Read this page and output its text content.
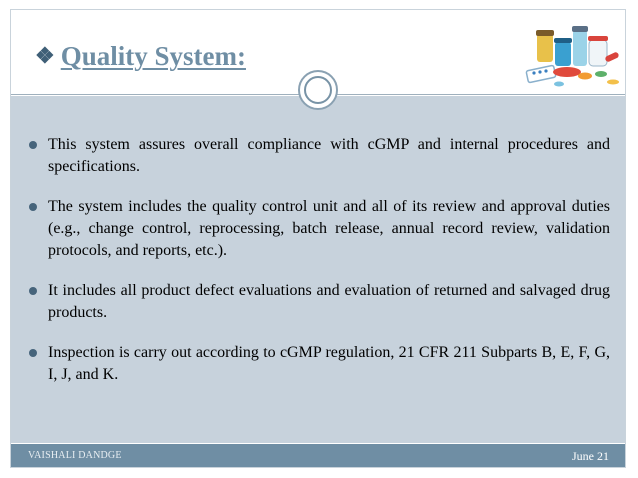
❖ Quality System:
This system assures overall compliance with cGMP and internal procedures and specifications.
The system includes the quality control unit and all of its review and approval duties (e.g., change control, reprocessing, batch release, annual record review, validation protocols, and reports, etc.).
It includes all product defect evaluations and evaluation of returned and salvaged drug products.
Inspection is carry out according to cGMP regulation, 21 CFR 211 Subparts B, E, F, G, I, J, and K.
VAISHALI DANDGE	June 21
